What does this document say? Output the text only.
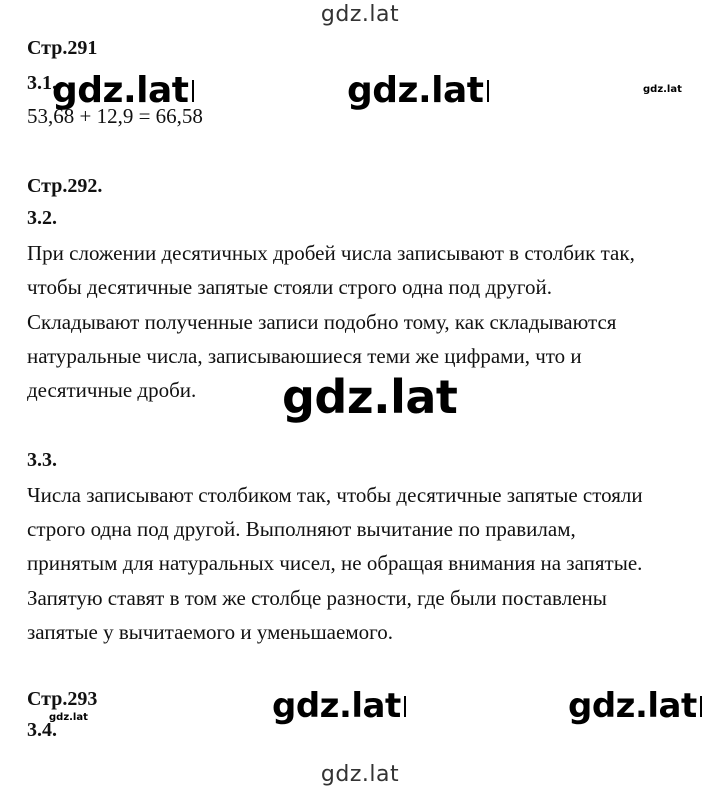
Стр.291
3.1.
53,68 + 12,9 = 66,58
Стр.292.
3.2.
При сложении десятичных дробей числа записывают в столбик так,
чтобы десятичные запятые стояли строго одна под другой.
Складывают полученные записи подобно тому, как складываются
натуральные числа, записываюшиеся теми же цифрами, что и
десятичные дроби.
3.3.
Числа записывают столбиком так, чтобы десятичные запятые стояли
строго одна под другой. Выполняют вычитание по правилам,
принятым для натуральных чисел, не обращая внимания на запятые.
Запятую ставят в том же столбце разности, где были поставлены
запятые у вычитаемого и уменьшаемого.
Стр.293
3.4.
gdz.lat
gdz.lat	gdz.lat	gdz.lat
gdz.lat
gdz.lat	gdz.lat
gdz.lat
gdz.lat
